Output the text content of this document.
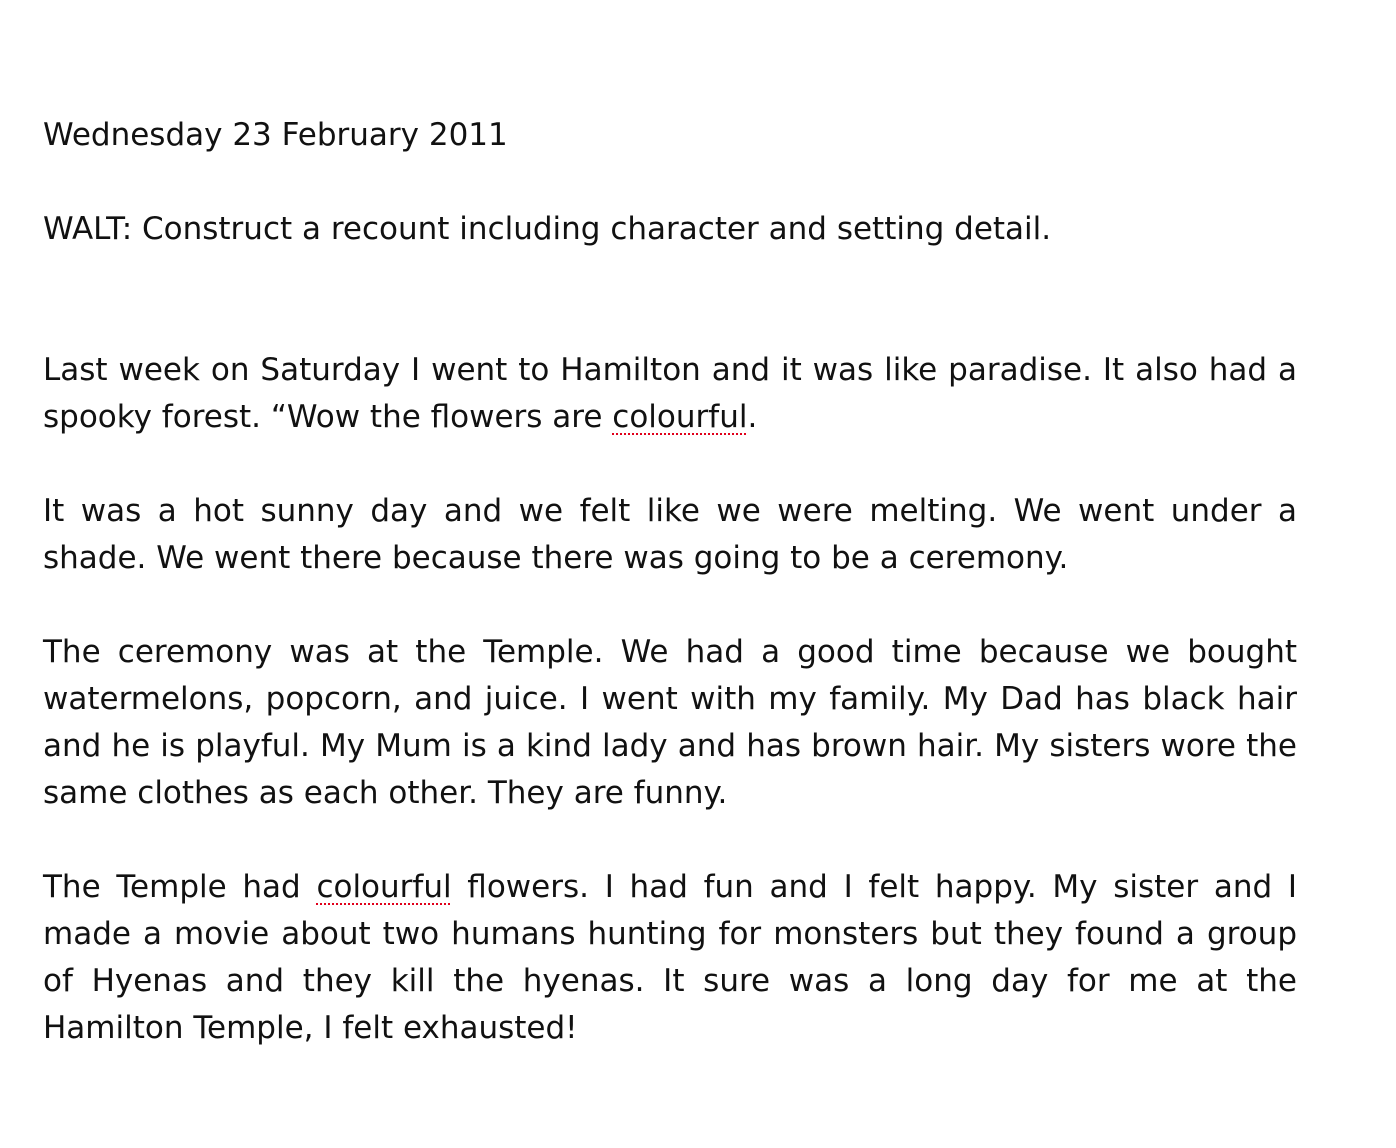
Wednesday 23 February 2011

WALT: Construct a recount including character and setting detail.

Last week on Saturday I went to Hamilton and it was like paradise. It also had a spooky forest. “Wow the flowers are colourful.

It was a hot sunny day and we felt like we were melting. We went under a shade. We went there because there was going to be a ceremony.

The ceremony was at the Temple. We had a good time because we bought watermelons, popcorn, and juice. I went with my family. My Dad has black hair and he is playful. My Mum is a kind lady and has brown hair. My sisters wore the same clothes as each other. They are funny.

The Temple had colourful flowers. I had fun and I felt happy. My sister and I made a movie about two humans hunting for monsters but they found a group of Hyenas and they kill the hyenas. It sure was a long day for me at the Hamilton Temple, I felt exhausted!
